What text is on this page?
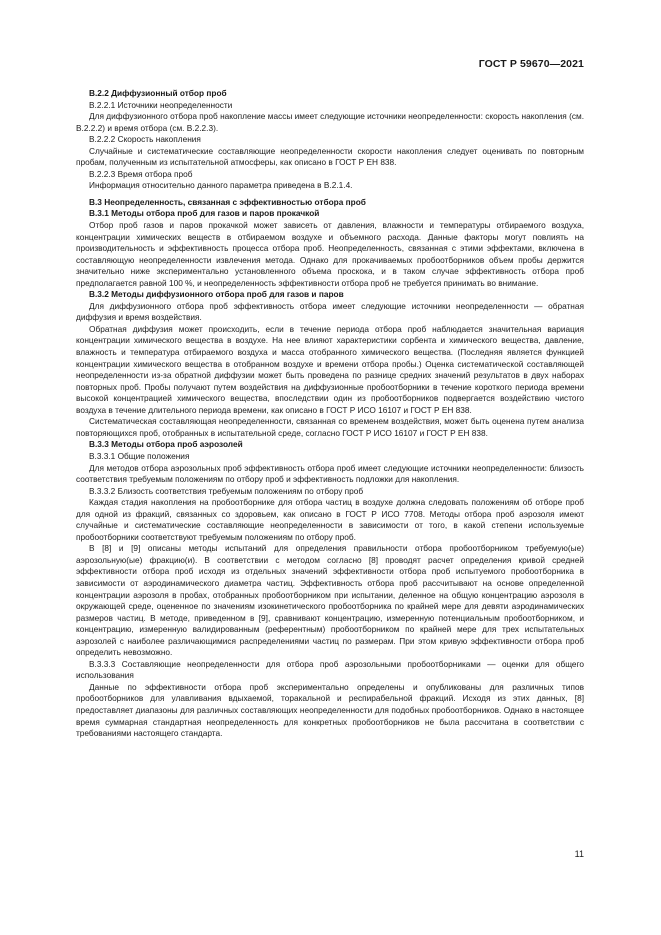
ГОСТ Р 59670—2021

В.2.2 Диффузионный отбор проб

В.2.2.1 Источники неопределенности

Для диффузионного отбора проб накопление массы имеет следующие источники неопределенности: скорость накопления (см. В.2.2.2) и время отбора (см. В.2.2.3).

В.2.2.2 Скорость накопления

Случайные и систематические составляющие неопределенности скорости накопления следует оценивать по повторным пробам, полученным из испытательной атмосферы, как описано в ГОСТ Р ЕН 838.

В.2.2.3 Время отбора проб

Информация относительно данного параметра приведена в В.2.1.4.

В.3 Неопределенность, связанная с эффективностью отбора проб

В.3.1 Методы отбора проб для газов и паров прокачкой

Отбор проб газов и паров прокачкой может зависеть от давления, влажности и температуры отбираемого воздуха, концентрации химических веществ в отбираемом воздухе и объемного расхода. Данные факторы могут повлиять на производительность и эффективность процесса отбора проб. Неопределенность, связанная с этими эффектами, включена в составляющую неопределенности извлечения метода. Однако для прокачиваемых пробоотборников объем пробы держится значительно ниже экспериментально установленного объема проскока, и в таком случае эффективность отбора проб предполагается равной 100 %, и неопределенность эффективности отбора проб не требуется принимать во внимание.

В.3.2 Методы диффузионного отбора проб для газов и паров

Для диффузионного отбора проб эффективность отбора имеет следующие источники неопределенности — обратная диффузия и время воздействия.

Обратная диффузия может происходить, если в течение периода отбора проб наблюдается значительная вариация концентрации химического вещества в воздухе. На нее влияют характеристики сорбента и химического вещества, давление, влажность и температура отбираемого воздуха и масса отобранного химического вещества. (Последняя является функцией концентрации химического вещества в отобранном воздухе и времени отбора пробы.) Оценка систематической составляющей неопределенности из-за обратной диффузии может быть проведена по разнице средних значений результатов в двух наборах повторных проб. Пробы получают путем воздействия на диффузионные пробоотборники в течение короткого периода времени высокой концентрацией химического вещества, впоследствии один из пробоотборников подвергается воздействию чистого воздуха в течение длительного периода времени, как описано в ГОСТ Р ИСО 16107 и ГОСТ Р ЕН 838.

Систематическая составляющая неопределенности, связанная со временем воздействия, может быть оценена путем анализа повторяющихся проб, отобранных в испытательной среде, согласно ГОСТ Р ИСО 16107 и ГОСТ Р ЕН 838.

В.3.3 Методы отбора проб аэрозолей

В.3.3.1 Общие положения

Для методов отбора аэрозольных проб эффективность отбора проб имеет следующие источники неопределенности: близость соответствия требуемым положениям по отбору проб и эффективность подложки для накопления.

В.3.3.2 Близость соответствия требуемым положениям по отбору проб

Каждая стадия накопления на пробоотборнике для отбора частиц в воздухе должна следовать положениям об отборе проб для одной из фракций, связанных со здоровьем, как описано в ГОСТ Р ИСО 7708. Методы отбора проб аэрозоля имеют случайные и систематические составляющие неопределенности в зависимости от того, в какой степени используемые пробоотборники соответствуют требуемым положениям по отбору проб.

В [8] и [9] описаны методы испытаний для определения правильности отбора пробоотборником требуемую(ые) аэрозольную(ые) фракцию(и). В соответствии с методом согласно [8] проводят расчет определения кривой средней эффективности отбора проб исходя из отдельных значений эффективности отбора проб испытуемого пробоотборника в зависимости от аэродинамического диаметра частиц. Эффективность отбора проб рассчитывают на основе определенной концентрации аэрозоля в пробах, отобранных пробоотборником при испытании, деленное на общую концентрацию аэрозоля в окружающей среде, оцененное по значениям изокинетического пробоотборника по крайней мере для девяти аэродинамических размеров частиц. В методе, приведенном в [9], сравнивают концентрацию, измеренную потенциальным пробоотборником, и концентрацию, измеренную валидированным (референтным) пробоотборником по крайней мере для трех испытательных аэрозолей с наиболее различающимися распределениями частиц по размерам. При этом кривую эффективности отбора проб определить невозможно.

В.3.3.3 Составляющие неопределенности для отбора проб аэрозольными пробоотборниками — оценки для общего использования

Данные по эффективности отбора проб экспериментально определены и опубликованы для различных типов пробоотборников для улавливания вдыхаемой, торакальной и респирабельной фракций. Исходя из этих данных, [8] предоставляет диапазоны для различных составляющих неопределенности для подобных пробоотборников. Однако в настоящее время суммарная стандартная неопределенность для конкретных пробоотборников не была рассчитана в соответствии с требованиями настоящего стандарта.

11
